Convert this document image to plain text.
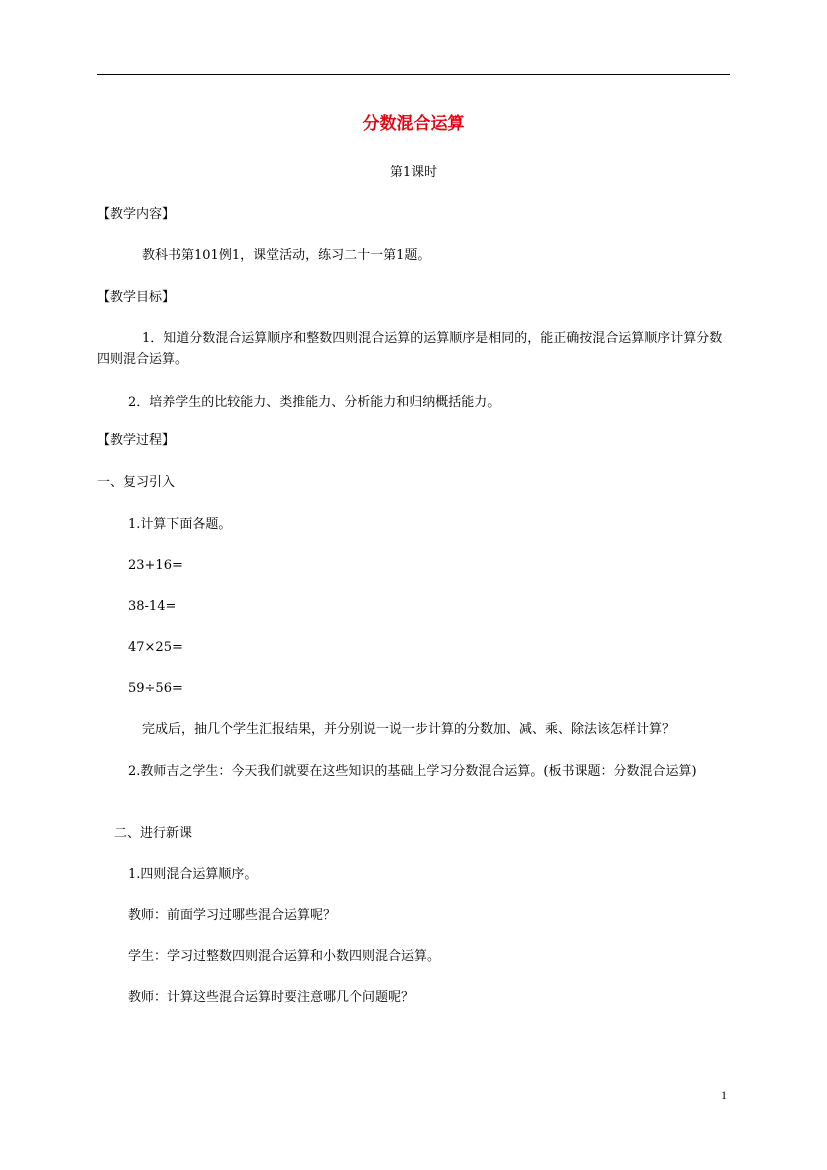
分数混合运算
第1课时
【教学内容】
教科书第101例1，课堂活动，练习二十一第1题。
【教学目标】
1．知道分数混合运算顺序和整数四则混合运算的运算顺序是相同的，能正确按混合运算顺序计算分数四则混合运算。
2．培养学生的比较能力、类推能力、分析能力和归纳概括能力。
【教学过程】
一、复习引入
1.计算下面各题。
23+16=
38-14=
47×25=
59÷56=
完成后，抽几个学生汇报结果，并分别说一说一步计算的分数加、减、乘、除法该怎样计算？
2.教师吉之学生：今天我们就要在这些知识的基础上学习分数混合运算。(板书课题：分数混合运算)
二、进行新课
1.四则混合运算顺序。
教师：前面学习过哪些混合运算呢？
学生：学习过整数四则混合运算和小数四则混合运算。
教师：计算这些混合运算时要注意哪几个问题呢？
1
